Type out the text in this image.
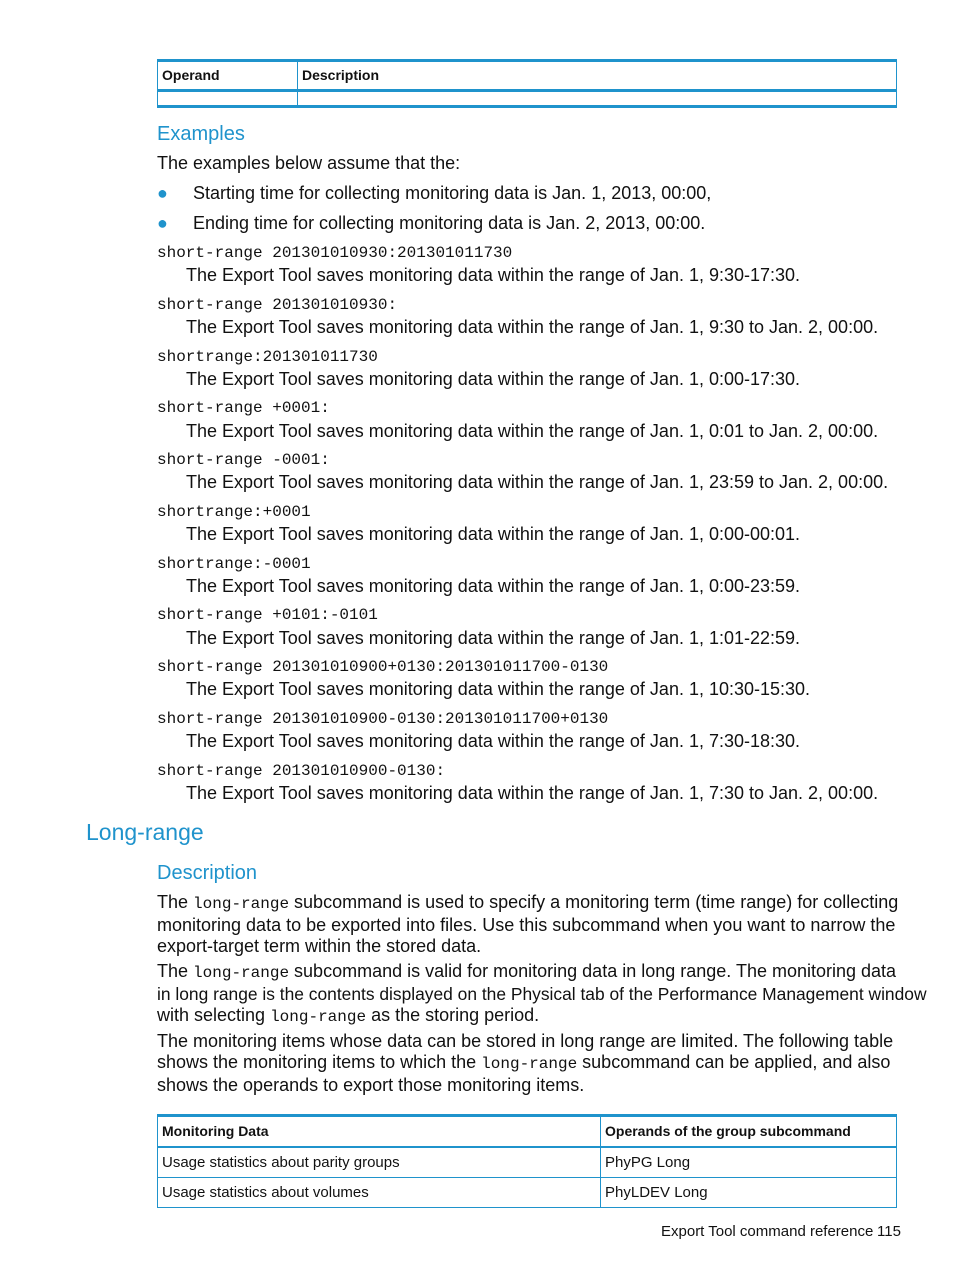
Operand	Description
Examples
The examples below assume that the:
● Starting time for collecting monitoring data is Jan. 1, 2013, 00:00,
● Ending time for collecting monitoring data is Jan. 2, 2013, 00:00.
short-range 201301010930:201301011730
The Export Tool saves monitoring data within the range of Jan. 1, 9:30-17:30.
short-range 201301010930:
The Export Tool saves monitoring data within the range of Jan. 1, 9:30 to Jan. 2, 00:00.
shortrange:201301011730
The Export Tool saves monitoring data within the range of Jan. 1, 0:00-17:30.
short-range +0001:
The Export Tool saves monitoring data within the range of Jan. 1, 0:01 to Jan. 2, 00:00.
short-range -0001:
The Export Tool saves monitoring data within the range of Jan. 1, 23:59 to Jan. 2, 00:00.
shortrange:+0001
The Export Tool saves monitoring data within the range of Jan. 1, 0:00-00:01.
shortrange:-0001
The Export Tool saves monitoring data within the range of Jan. 1, 0:00-23:59.
short-range +0101:-0101
The Export Tool saves monitoring data within the range of Jan. 1, 1:01-22:59.
short-range 201301010900+0130:201301011700-0130
The Export Tool saves monitoring data within the range of Jan. 1, 10:30-15:30.
short-range 201301010900-0130:201301011700+0130
The Export Tool saves monitoring data within the range of Jan. 1, 7:30-18:30.
short-range 201301010900-0130:
The Export Tool saves monitoring data within the range of Jan. 1, 7:30 to Jan. 2, 00:00.
Long-range
Description
The long-range subcommand is used to specify a monitoring term (time range) for collecting
monitoring data to be exported into files. Use this subcommand when you want to narrow the
export-target term within the stored data.
The long-range subcommand is valid for monitoring data in long range. The monitoring data
in long range is the contents displayed on the Physical tab of the Performance Management window
with selecting long-range as the storing period.
The monitoring items whose data can be stored in long range are limited. The following table
shows the monitoring items to which the long-range subcommand can be applied, and also
shows the operands to export those monitoring items.
Monitoring Data	Operands of the group subcommand
Usage statistics about parity groups	PhyPG Long
Usage statistics about volumes	PhyLDEV Long
Export Tool command reference 115
